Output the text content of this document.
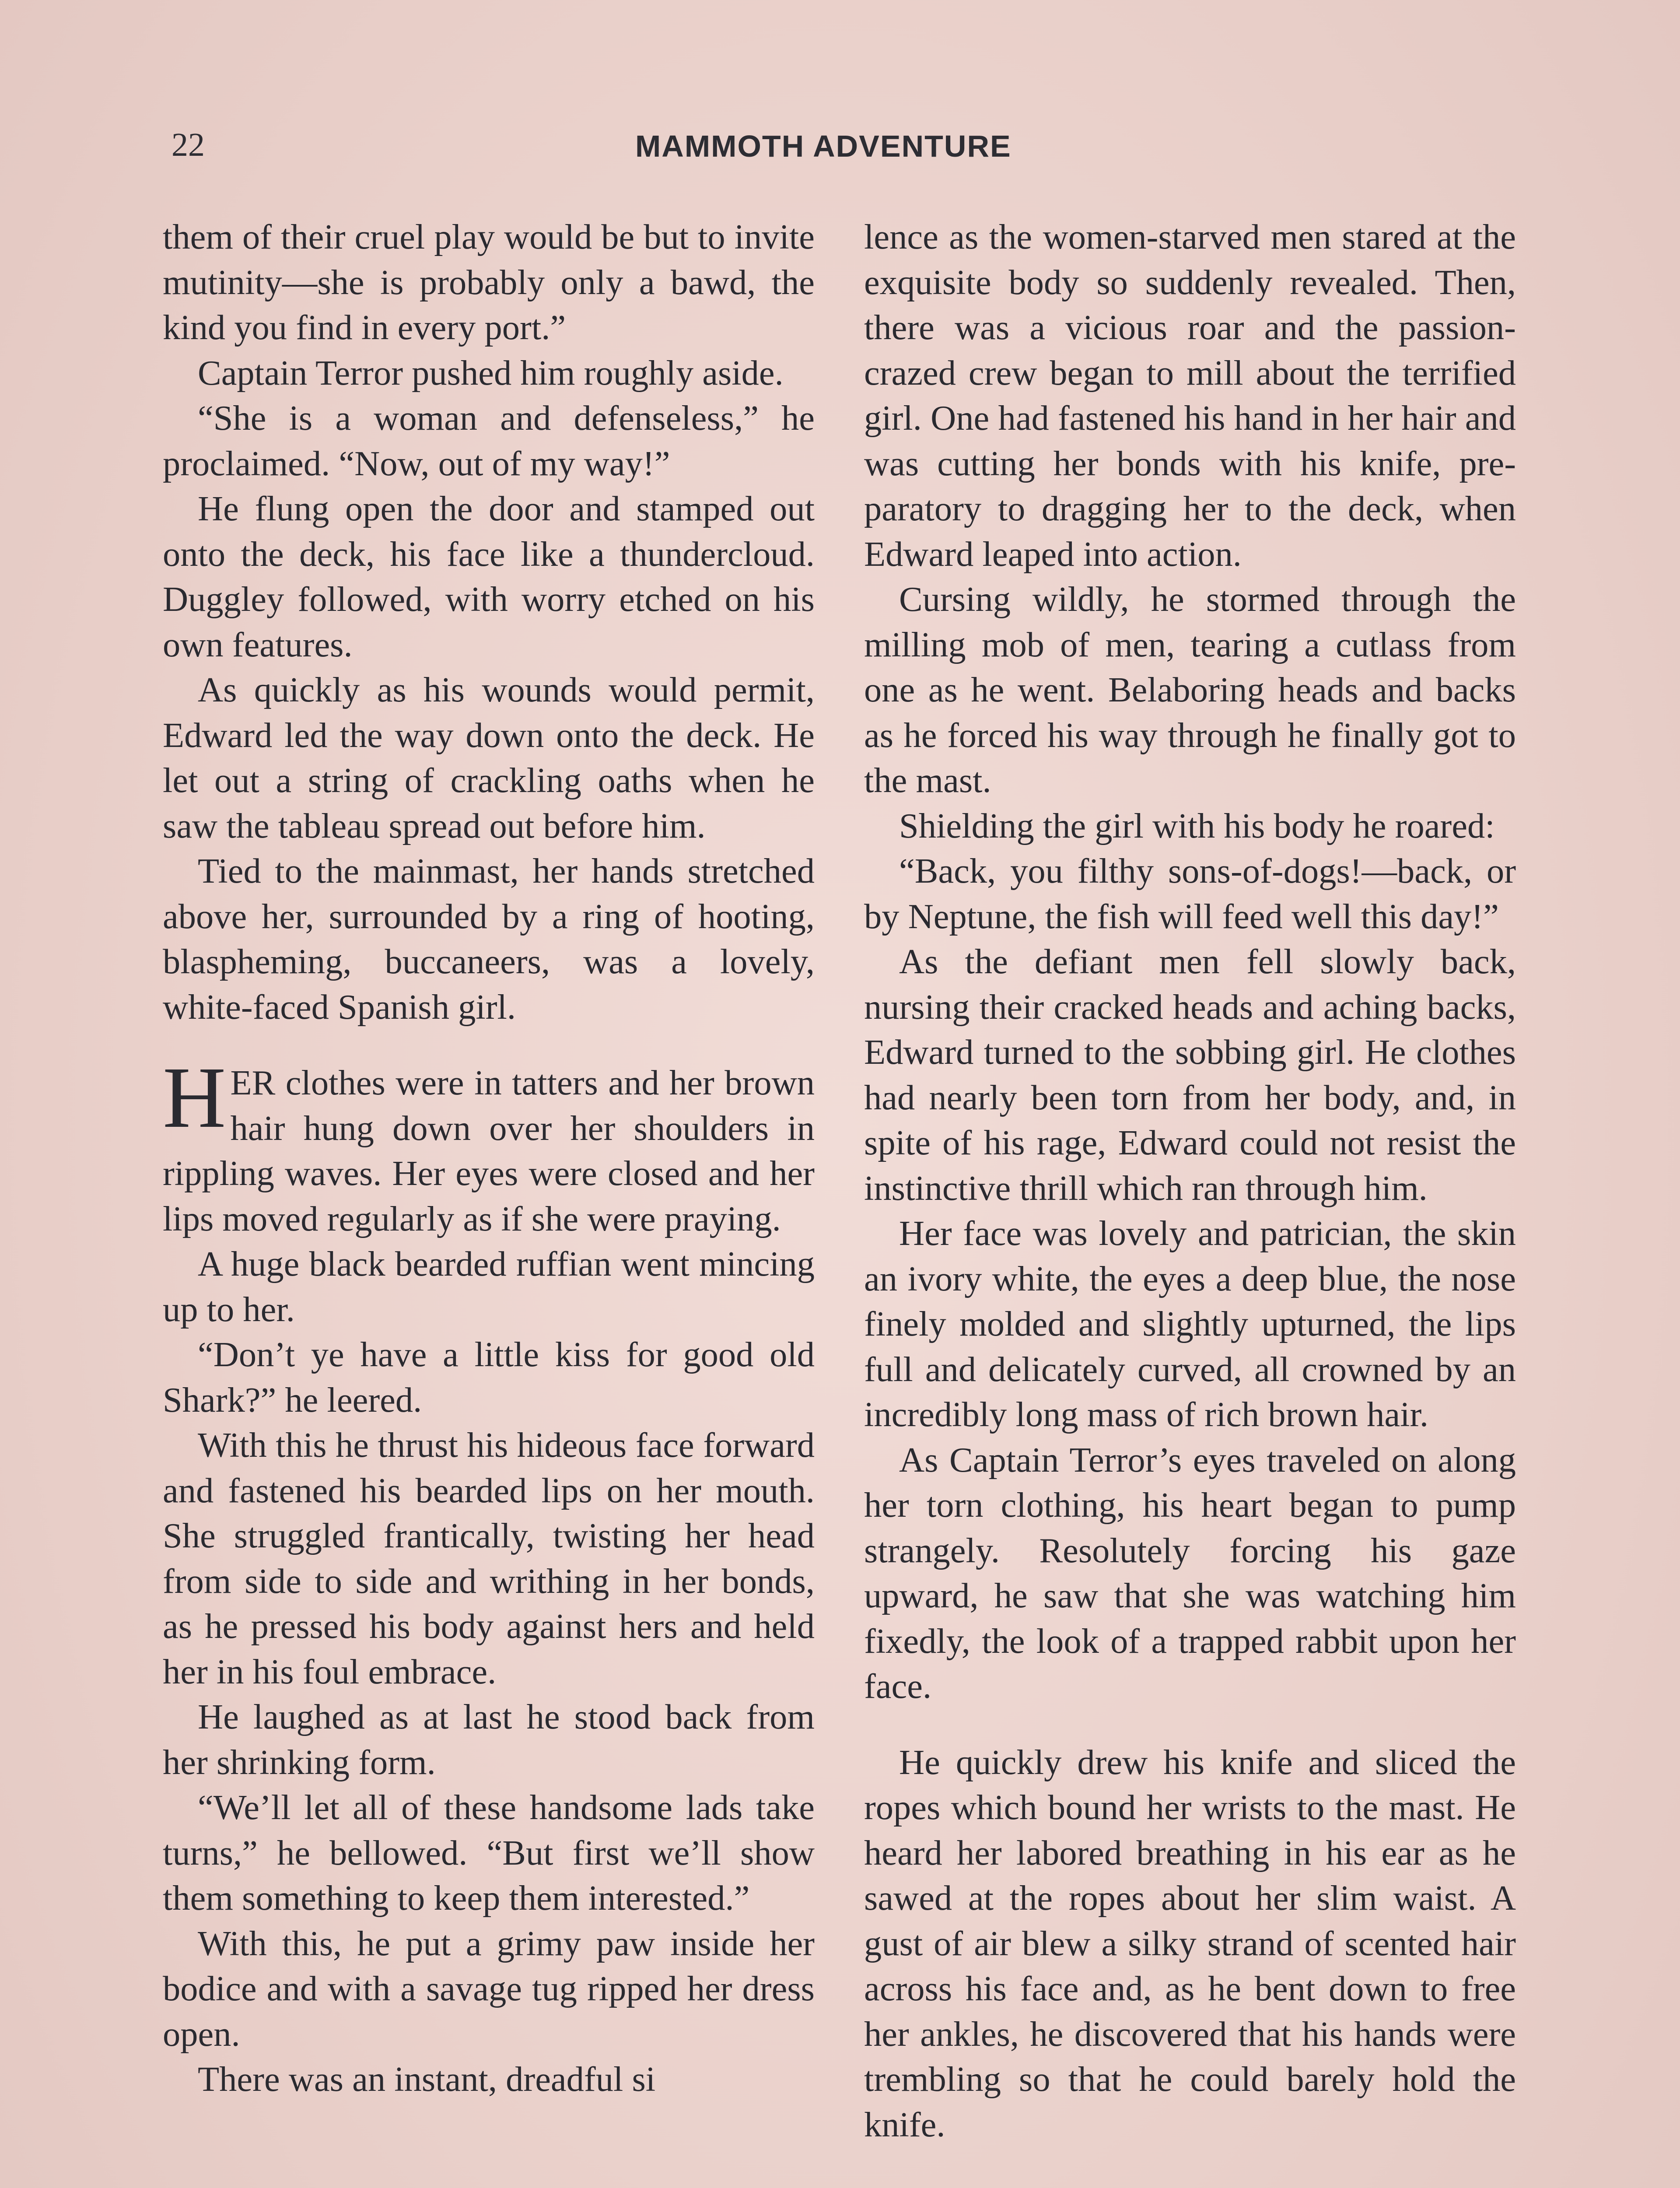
22	MAMMOTH ADVENTURE

them of their cruel play would be but to invite mutinity—she is probably only a bawd, the kind you find in every port.”

Captain Terror pushed him roughly aside.

“She is a woman and defenseless,” he proclaimed. “Now, out of my way!”

He flung open the door and stamped out onto the deck, his face like a thundercloud. Duggley followed, with worry etched on his own features.

As quickly as his wounds would permit, Edward led the way down onto the deck. He let out a string of crackling oaths when he saw the tableau spread out before him.

Tied to the mainmast, her hands stretched above her, surrounded by a ring of hooting, blaspheming, buccaneers, was a lovely, white-faced Spanish girl.

H ER clothes were in tatters and her brown hair hung down over her shoulders in rippling waves. Her eyes were closed and her lips moved regularly as if she were praying.

A huge black bearded ruffian went mincing up to her.

“Don’t ye have a little kiss for good old Shark?” he leered.

With this he thrust his hideous face forward and fastened his bearded lips on her mouth. She struggled frantically, twisting her head from side to side and writhing in her bonds, as he pressed his body against hers and held her in his foul embrace.

He laughed as at last he stood back from her shrinking form.

“We’ll let all of these handsome lads take turns,” he bellowed. “But first we’ll show them something to keep them interested.”

With this, he put a grimy paw inside her bodice and with a savage tug ripped her dress open.

There was an instant, dreadful si

lence as the women-starved men stared at the exquisite body so suddenly revealed. Then, there was a vicious roar and the passion-crazed crew began to mill about the terrified girl. One had fastened his hand in her hair and was cutting her bonds with his knife, preparatory to dragging her to the deck, when Edward leaped into action.

Cursing wildly, he stormed through the milling mob of men, tearing a cutlass from one as he went. Belaboring heads and backs as he forced his way through he finally got to the mast.

Shielding the girl with his body he roared:

“Back, you filthy sons-of-dogs!—back, or by Neptune, the fish will feed well this day!”

As the defiant men fell slowly back, nursing their cracked heads and aching backs, Edward turned to the sobbing girl. He clothes had nearly been torn from her body, and, in spite of his rage, Edward could not resist the instinctive thrill which ran through him.

Her face was lovely and patrician, the skin an ivory white, the eyes a deep blue, the nose finely molded and slightly upturned, the lips full and delicately curved, all crowned by an incredibly long mass of rich brown hair.

As Captain Terror’s eyes traveled on along her torn clothing, his heart began to pump strangely. Resolutely forcing his gaze upward, he saw that she was watching him fixedly, the look of a trapped rabbit upon her face.

He quickly drew his knife and sliced the ropes which bound her wrists to the mast. He heard her labored breathing in his ear as he sawed at the ropes about her slim waist. A gust of air blew a silky strand of scented hair across his face and, as he bent down to free her ankles, he discovered that his hands were trembling so that he could barely hold the knife.
